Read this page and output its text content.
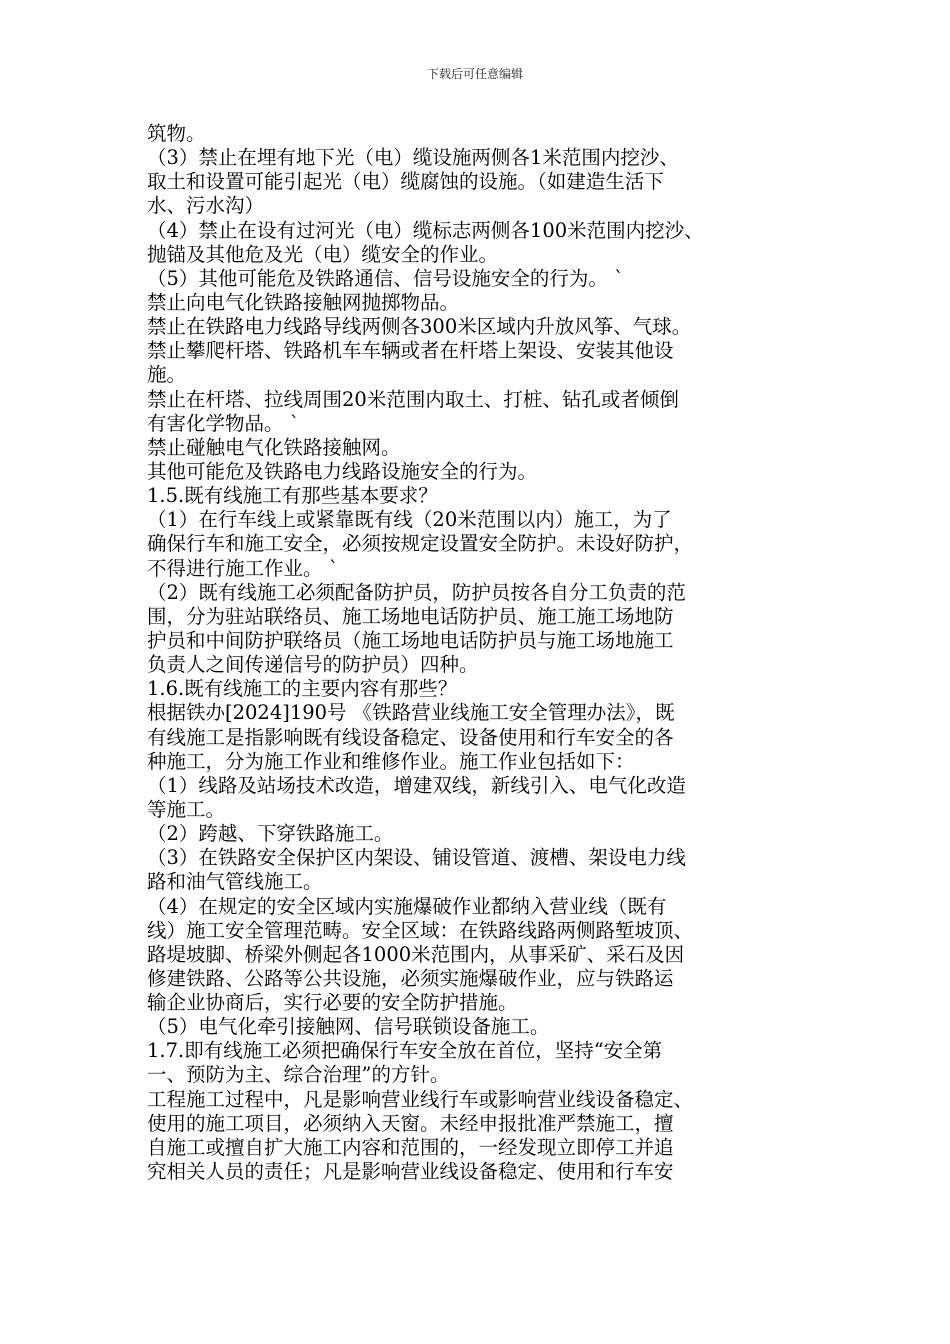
下载后可任意编辑
筑物。
（3）禁止在埋有地下光（电）缆设施两侧各1米范围内挖沙、
取土和设置可能引起光（电）缆腐蚀的设施。（如建造生活下
水、污水沟）
（4）禁止在设有过河光（电）缆标志两侧各100米范围内挖沙、
抛锚及其他危及光（电）缆安全的作业。
（5）其他可能危及铁路通信、信号设施安全的行为。 `
禁止向电气化铁路接触网抛掷物品。
禁止在铁路电力线路导线两侧各300米区域内升放风筝、气球。
禁止攀爬杆塔、铁路机车车辆或者在杆塔上架设、安装其他设
施。
禁止在杆塔、拉线周围20米范围内取土、打桩、钻孔或者倾倒
有害化学物品。 `
禁止碰触电气化铁路接触网。
其他可能危及铁路电力线路设施安全的行为。
1.5.既有线施工有那些基本要求？
（1）在行车线上或紧靠既有线（20米范围以内）施工，为了
确保行车和施工安全，必须按规定设置安全防护。未设好防护，
不得进行施工作业。 `
（2）既有线施工必须配备防护员，防护员按各自分工负责的范
围，分为驻站联络员、施工场地电话防护员、施工施工场地防
护员和中间防护联络员（施工场地电话防护员与施工场地施工
负责人之间传递信号的防护员）四种。
1.6.既有线施工的主要内容有那些？
根据铁办[2024]190号 《铁路营业线施工安全管理办法》，既
有线施工是指影响既有线设备稳定、设备使用和行车安全的各
种施工，分为施工作业和维修作业。施工作业包括如下：
（1）线路及站场技术改造，增建双线，新线引入、电气化改造
等施工。
（2）跨越、下穿铁路施工。
（3）在铁路安全保护区内架设、铺设管道、渡槽、架设电力线
路和油气管线施工。
（4）在规定的安全区域内实施爆破作业都纳入营业线（既有
线）施工安全管理范畴。安全区域：在铁路线路两侧路堑坡顶、
路堤坡脚、桥梁外侧起各1000米范围内，从事采矿、采石及因
修建铁路、公路等公共设施，必须实施爆破作业，应与铁路运
输企业协商后，实行必要的安全防护措施。
（5）电气化牵引接触网、信号联锁设备施工。
1.7.即有线施工必须把确保行车安全放在首位，坚持“安全第
一、预防为主、综合治理”的方针。
工程施工过程中，凡是影响营业线行车或影响营业线设备稳定、
使用的施工项目，必须纳入天窗。未经申报批准严禁施工，擅
自施工或擅自扩大施工内容和范围的，一经发现立即停工并追
究相关人员的责任；凡是影响营业线设备稳定、使用和行车安
